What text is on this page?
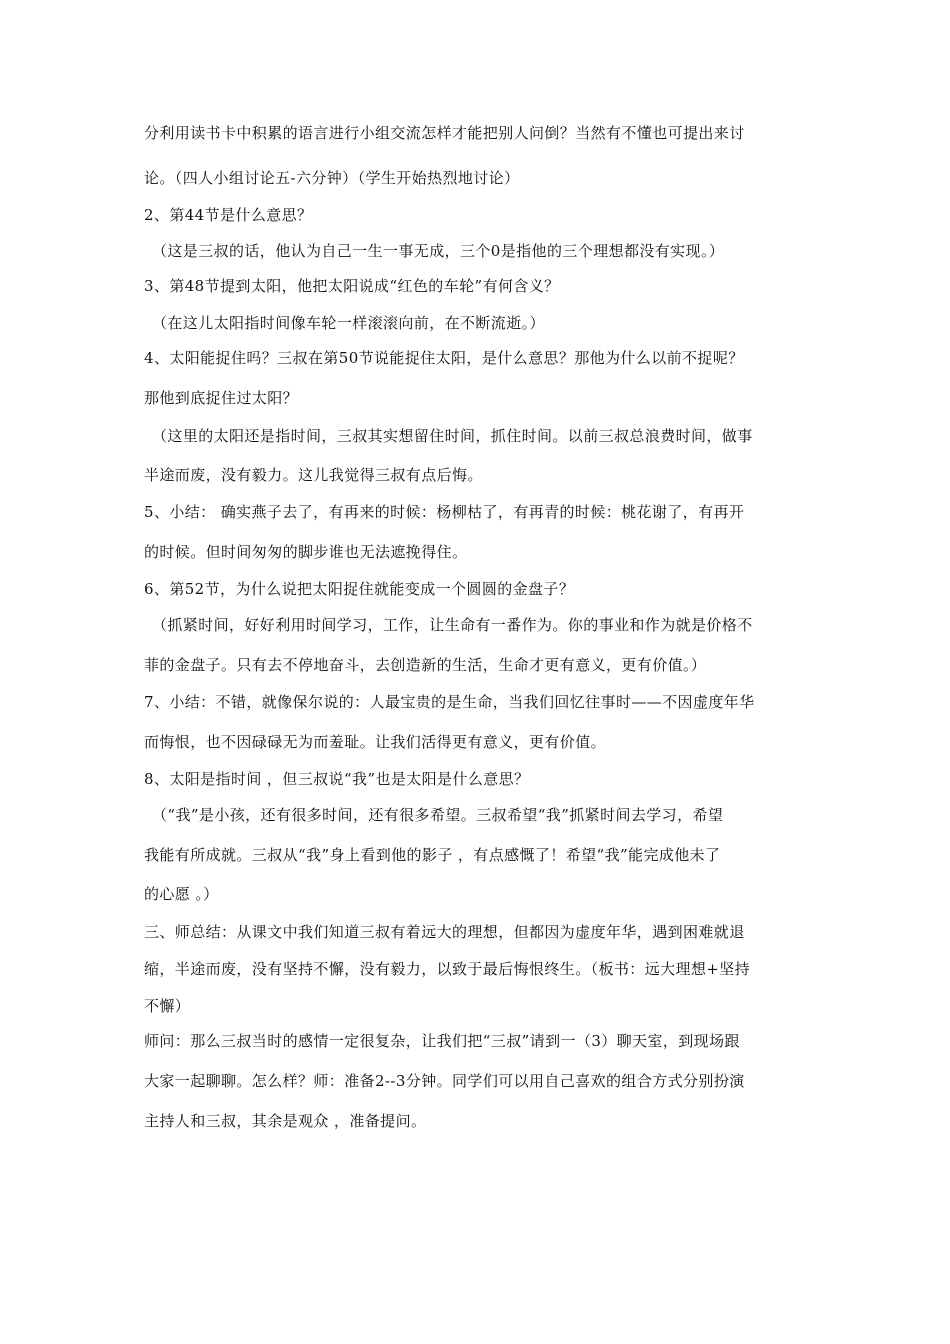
分利用读书卡中积累的语言进行小组交流怎样才能把别人问倒？当然有不懂也可提出来讨
论。（四人小组讨论五-六分钟）（学生开始热烈地讨论）
2、第44节是什么意思？
（这是三叔的话，他认为自己一生一事无成，三个0是指他的三个理想都没有实现。）
3、第48节提到太阳，他把太阳说成“红色的车轮”有何含义？
（在这儿太阳指时间像车轮一样滚滚向前，在不断流逝。）
4、太阳能捉住吗？三叔在第50节说能捉住太阳，是什么意思？那他为什么以前不捉呢？
那他到底捉住过太阳？
（这里的太阳还是指时间，三叔其实想留住时间，抓住时间。以前三叔总浪费时间，做事
半途而废，没有毅力。这儿我觉得三叔有点后悔。
5、小结： 确实燕子去了，有再来的时候：杨柳枯了，有再青的时候：桃花谢了，有再开
的时候。但时间匆匆的脚步谁也无法遮挽得住。
6、第52节，为什么说把太阳捉住就能变成一个圆圆的金盘子？
（抓紧时间，好好利用时间学习，工作，让生命有一番作为。你的事业和作为就是价格不
菲的金盘子。只有去不停地奋斗，去创造新的生活，生命才更有意义，更有价值。）
7、小结：不错，就像保尔说的：人最宝贵的是生命，当我们回忆往事时——不因虚度年华
而悔恨，也不因碌碌无为而羞耻。让我们活得更有意义，更有价值。
8、太阳是指时间 ，但三叔说“我”也是太阳是什么意思？
（“我”是小孩，还有很多时间，还有很多希望。三叔希望“我”抓紧时间去学习，希望
我能有所成就。三叔从“我”身上看到他的影子 ，有点感慨了！希望“我”能完成他未了
的心愿 。）
三、师总结：从课文中我们知道三叔有着远大的理想，但都因为虚度年华，遇到困难就退
缩，半途而废，没有坚持不懈，没有毅力，以致于最后悔恨终生。（板书：远大理想+坚持
不懈）
师问：那么三叔当时的感情一定很复杂，让我们把“三叔”请到一（3）聊天室，到现场跟
大家一起聊聊。怎么样？师：准备2--3分钟。同学们可以用自己喜欢的组合方式分别扮演
主持人和三叔，其余是观众 ，准备提问。
